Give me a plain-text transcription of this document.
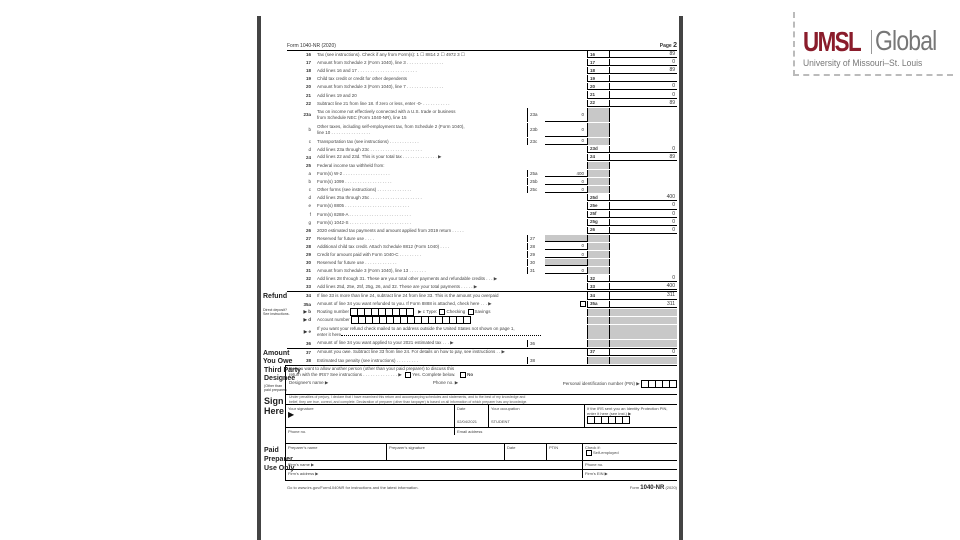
Form 1040-NR (2020)	Page 2
16	Tax (see instructions). Check if any from Form(s): 1 ☐ 8814 2 ☐ 4972 3 ☐	16	89
17	Amount from Schedule 2 (Form 1040), line 3 . . . . . . . . . . . . . . .	17	0
18	Add lines 16 and 17 . . . . . . . . . . . . . . . . . . . . . . . .	18	89
19	Child tax credit or credit for other dependents	19
20	Amount from Schedule 3 (Form 1040), line 7 . . . . . . . . . . . . . . .	20	0
21	Add lines 19 and 20	21	0
22	Subtract line 21 from line 18. If zero or less, enter -0- . . . . . . . . . . .	22	89
23a
Tax on income not effectively connected with a U.S. trade or business
from Schedule NEC (Form 1040-NR), line 15	23a	0
b
Other taxes, including self-employment tax, from Schedule 2 (Form 1040),
line 10 . . . . . . . . . . . . . . . .	23b	0
c	Transportation tax (see instructions) . . . . . . . . . . . .	23c	0
d	Add lines 23a through 23c . . . . . . . . . . . . . . . . . . . . .	23d	0
24	Add lines 22 and 23d. This is your total tax . . . . . . . . . . . . . . ▶	24	89
25	Federal income tax withheld from:
a	Form(s) W-2 . . . . . . . . . . . . . . . . . . .	25a	400
b	Form(s) 1099 . . . . . . . . . . . . . . . . . . .	25b	0
c	Other forms (see instructions) . . . . . . . . . . . . . .	25c	0
d	Add lines 25a through 25c . . . . . . . . . . . . . . . . . . . . .	25d	400
e	Form(s) 8805 . . . . . . . . . . . . . . . . . . . . . . . . . .	25e	0
f	Form(s) 8288-A . . . . . . . . . . . . . . . . . . . . . . . . .	25f	0
g	Form(s) 1042-S . . . . . . . . . . . . . . . . . . . . . . . . .	25g	0
26	2020 estimated tax payments and amount applied from 2019 return . . . . .	26	0
27	Reserved for future use . . . .	27
28	Additional child tax credit. Attach Schedule 8812 (Form 1040) . . . .	28	0
29	Credit for amount paid with Form 1040-C . . . . . . . . .	29	0
30	Reserved for future use . . . . . . . . . . . . .	30
31	Amount from Schedule 3 (Form 1040), line 13 . . . . . . .	31	0
32	Add lines 28 through 31. These are your total other payments and refundable credits . . . ▶	32	0
33	Add lines 25d, 25e, 25f, 25g, 26, and 32. These are your total payments . . . . . ▶	33	400
Refund
Direct deposit? See instructions.
34	If line 33 is more than line 24, subtract line 24 from line 33. This is the amount you overpaid	34	311
35a	Amount of line 34 you want refunded to you. If Form 8888 is attached, check here . . . ▶	35a	311
▶ b	Routing number	▶ c Type: Checking Savings
▶ d	Account number
▶ e
If you want your refund check mailed to an address outside the United States not shown on page 1,
enter it here
36	Amount of line 34 you want applied to your 2021 estimated tax . . . ▶	36
Amount
You Owe
37	Amount you owe. Subtract line 33 from line 24. For details on how to pay, see instructions . . ▶	37	0
38	Estimated tax penalty (see instructions) . . . . . . . . .	38
Third Party
Designee
(Other than paid preparer)
Do you want to allow another person (other than your paid preparer) to discuss this
return with the IRS? See instructions . . . . . . . . . . . . . . ▶ Yes. Complete below.	No
Designee's name ▶	Phone no. ▶	Personal identification number (PIN) ▶
Sign
Here
Under penalties of perjury, I declare that I have examined this return and accompanying schedules and statements, and to the best of my knowledge and
belief, they are true, correct, and complete. Declaration of preparer (other than taxpayer) is based on all information of which preparer has any knowledge.
Your signature
▶
Date
02/04/2021
Your occupation
STUDENT
If the IRS sent you an Identity Protection PIN, enter it here (see inst.) ▶
Phone no.	Email address
Paid
Preparer
Use Only
Preparer's name	Preparer's signature	Date	PTIN	Check if:
Self-employed
Firm's name ▶	Phone no.
Firm's address ▶	Firm's EIN ▶
Go to www.irs.gov/Form1040NR for instructions and the latest information.	Form 1040-NR (2020)
UMSL Global
University of Missouri–St. Louis
